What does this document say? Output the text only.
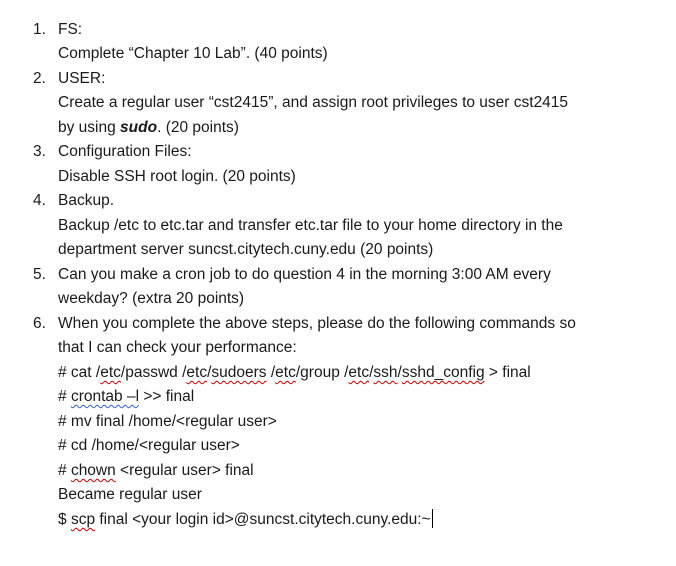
1. FS:
Complete “Chapter 10 Lab”. (40 points)
2. USER:
Create a regular user “cst2415”, and assign root privileges to user cst2415
by using sudo. (20 points)
3. Configuration Files:
Disable SSH root login. (20 points)
4. Backup.
Backup /etc to etc.tar and transfer etc.tar file to your home directory in the
department server suncst.citytech.cuny.edu (20 points)
5. Can you make a cron job to do question 4 in the morning 3:00 AM every
weekday? (extra 20 points)
6. When you complete the above steps, please do the following commands so
that I can check your performance:
# cat /etc/passwd /etc/sudoers /etc/group /etc/ssh/sshd_config > final
# crontab –l >> final
# mv final /home/<regular user>
# cd /home/<regular user>
# chown <regular user> final
Became regular user
$ scp final <your login id>@suncst.citytech.cuny.edu:~
